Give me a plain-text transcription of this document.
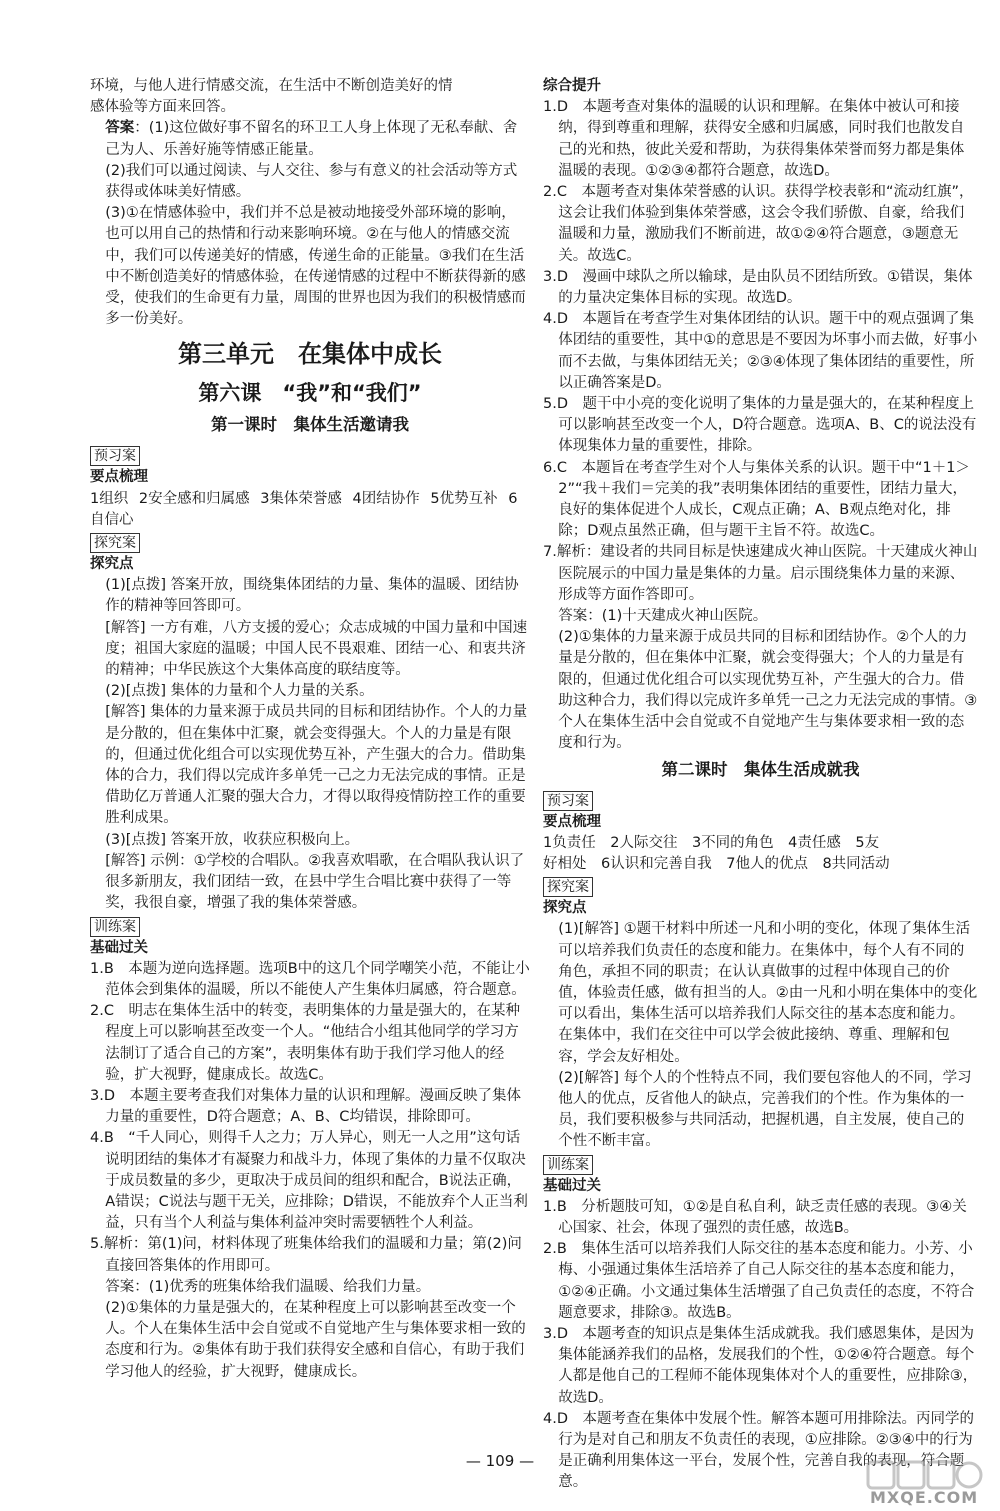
环境，与他人进行情感交流，在生活中不断创造美好的情

感体验等方面来回答。

答案：(1)这位做好事不留名的环卫工人身上体现了无私奉献、舍己为人、乐善好施等情感正能量。

(2)我们可以通过阅读、与人交往、参与有意义的社会活动等方式获得或体味美好情感。

(3)①在情感体验中，我们并不总是被动地接受外部环境的影响，也可以用自己的热情和行动来影响环境。②在与他人的情感交流中，我们可以传递美好的情感，传递生命的正能量。③我们在生活中不断创造美好的情感体验，在传递情感的过程中不断获得新的感受，使我们的生命更有力量，周围的世界也因为我们的积极情感而多一份美好。

第三单元　在集体中成长
第六课　“我”和“我们”
第一课时　集体生活邀请我
预习案

要点梳理

1组织 2安全感和归属感 3集体荣誉感 4团结协作 5优势互补 6自信心

探究案

探究点

(1)[点拨] 答案开放，围绕集体团结的力量、集体的温暖、团结协作的精神等回答即可。

[解答] 一方有难，八方支援的爱心；众志成城的中国力量和中国速度；祖国大家庭的温暖；中国人民不畏艰难、团结一心、和衷共济的精神；中华民族这个大集体高度的联结度等。

(2)[点拨] 集体的力量和个人力量的关系。

[解答] 集体的力量来源于成员共同的目标和团结协作。个人的力量是分散的，但在集体中汇聚，就会变得强大。个人的力量是有限的，但通过优化组合可以实现优势互补，产生强大的合力。借助集体的合力，我们得以完成许多单凭一己之力无法完成的事情。正是借助亿万普通人汇聚的强大合力，才得以取得疫情防控工作的重要胜利成果。

(3)[点拨] 答案开放，收获应积极向上。

[解答] 示例：①学校的合唱队。②我喜欢唱歌，在合唱队我认识了很多新朋友，我们团结一致，在县中学生合唱比赛中获得了一等奖，我很自豪，增强了我的集体荣誉感。

训练案

基础过关

1.B　本题为逆向选择题。选项B中的这几个同学嘲笑小范，不能让小范体会到集体的温暖，所以不能使人产生集体归属感，符合题意。

2.C　明志在集体生活中的转变，表明集体的力量是强大的，在某种程度上可以影响甚至改变一个人。“他结合小组其他同学的学习方法制订了适合自己的方案”，表明集体有助于我们学习他人的经验，扩大视野，健康成长。故选C。

3.D　本题主要考查我们对集体力量的认识和理解。漫画反映了集体力量的重要性，D符合题意；A、B、C均错误，排除即可。

4.B　“千人同心，则得千人之力；万人异心，则无一人之用”这句话说明团结的集体才有凝聚力和战斗力，体现了集体的力量不仅取决于成员数量的多少，更取决于成员间的组织和配合，B说法正确，A错误；C说法与题干无关，应排除；D错误，不能放弃个人正当利益，只有当个人利益与集体利益冲突时需要牺牲个人利益。

5.解析：第(1)问，材料体现了班集体给我们的温暖和力量；第(2)问直接回答集体的作用即可。

答案：(1)优秀的班集体给我们温暖、给我们力量。

(2)①集体的力量是强大的，在某种程度上可以影响甚至改变一个人。个人在集体生活中会自觉或不自觉地产生与集体要求相一致的态度和行为。②集体有助于我们获得安全感和自信心，有助于我们学习他人的经验，扩大视野，健康成长。

综合提升

1.D　本题考查对集体的温暖的认识和理解。在集体中被认可和接纳，得到尊重和理解，获得安全感和归属感，同时我们也散发自己的光和热，彼此关爱和帮助，为获得集体荣誉而努力都是集体温暖的表现。①②③④都符合题意，故选D。

2.C　本题考查对集体荣誉感的认识。获得学校表彰和“流动红旗”，这会让我们体验到集体荣誉感，这会令我们骄傲、自豪，给我们温暖和力量，激励我们不断前进，故①②④符合题意，③题意无关。故选C。

3.D　漫画中球队之所以输球，是由队员不团结所致。①错误，集体的力量决定集体目标的实现。故选D。

4.D　本题旨在考查学生对集体团结的认识。题干中的观点强调了集体团结的重要性，其中①的意思是不要因为坏事小而去做，好事小而不去做，与集体团结无关；②③④体现了集体团结的重要性，所以正确答案是D。

5.D　题干中小亮的变化说明了集体的力量是强大的，在某种程度上可以影响甚至改变一个人，D符合题意。选项A、B、C的说法没有体现集体力量的重要性，排除。

6.C　本题旨在考查学生对个人与集体关系的认识。题干中“1＋1＞2”“我＋我们＝完美的我”表明集体团结的重要性，团结力量大，良好的集体促进个人成长，C观点正确；A、B观点绝对化，排除；D观点虽然正确，但与题干主旨不符。故选C。

7.解析：建设者的共同目标是快速建成火神山医院。十天建成火神山医院展示的中国力量是集体的力量。启示围绕集体力量的来源、形成等方面作答即可。

答案：(1)十天建成火神山医院。

(2)①集体的力量来源于成员共同的目标和团结协作。②个人的力量是分散的，但在集体中汇聚，就会变得强大；个人的力量是有限的，但通过优化组合可以实现优势互补，产生强大的合力。借助这种合力，我们得以完成许多单凭一己之力无法完成的事情。③个人在集体生活中会自觉或不自觉地产生与集体要求相一致的态度和行为。

第二课时　集体生活成就我
预习案

要点梳理

1负责任　2人际交往　3不同的角色　4责任感　5友

好相处　6认识和完善自我　7他人的优点　8共同活动

探究案

探究点

(1)[解答] ①题干材料中所述一凡和小明的变化，体现了集体生活可以培养我们负责任的态度和能力。在集体中，每个人有不同的角色，承担不同的职责；在认认真做事的过程中体现自己的价值，体验责任感，做有担当的人。②由一凡和小明在集体中的变化可以看出，集体生活可以培养我们人际交往的基本态度和能力。在集体中，我们在交往中可以学会彼此接纳、尊重、理解和包容，学会友好相处。

(2)[解答] 每个人的个性特点不同，我们要包容他人的不同，学习他人的优点，反省他人的缺点，完善我们的个性。作为集体的一员，我们要积极参与共同活动，把握机遇，自主发展，使自己的个性不断丰富。

训练案

基础过关

1.B　分析题肢可知，①②是自私自利，缺乏责任感的表现。③④关心国家、社会，体现了强烈的责任感，故选B。

2.B　集体生活可以培养我们人际交往的基本态度和能力。小芳、小梅、小强通过集体生活培养了自己人际交往的基本态度和能力，①②④正确。小文通过集体生活增强了自己负责任的态度，不符合题意要求，排除③。故选B。

3.D　本题考查的知识点是集体生活成就我。我们感恩集体，是因为集体能涵养我们的品格，发展我们的个性，①②④符合题意。每个人都是他自己的工程师不能体现集体对个人的重要性，应排除③，故选D。

4.D　本题考查在集体中发展个性。解答本题可用排除法。丙同学的行为是对自己和朋友不负责任的表现，①应排除。②③④中的行为是正确利用集体这一平台，发展个性，完善自我的表现，符合题意。

— 109 —
MXQE.COM
